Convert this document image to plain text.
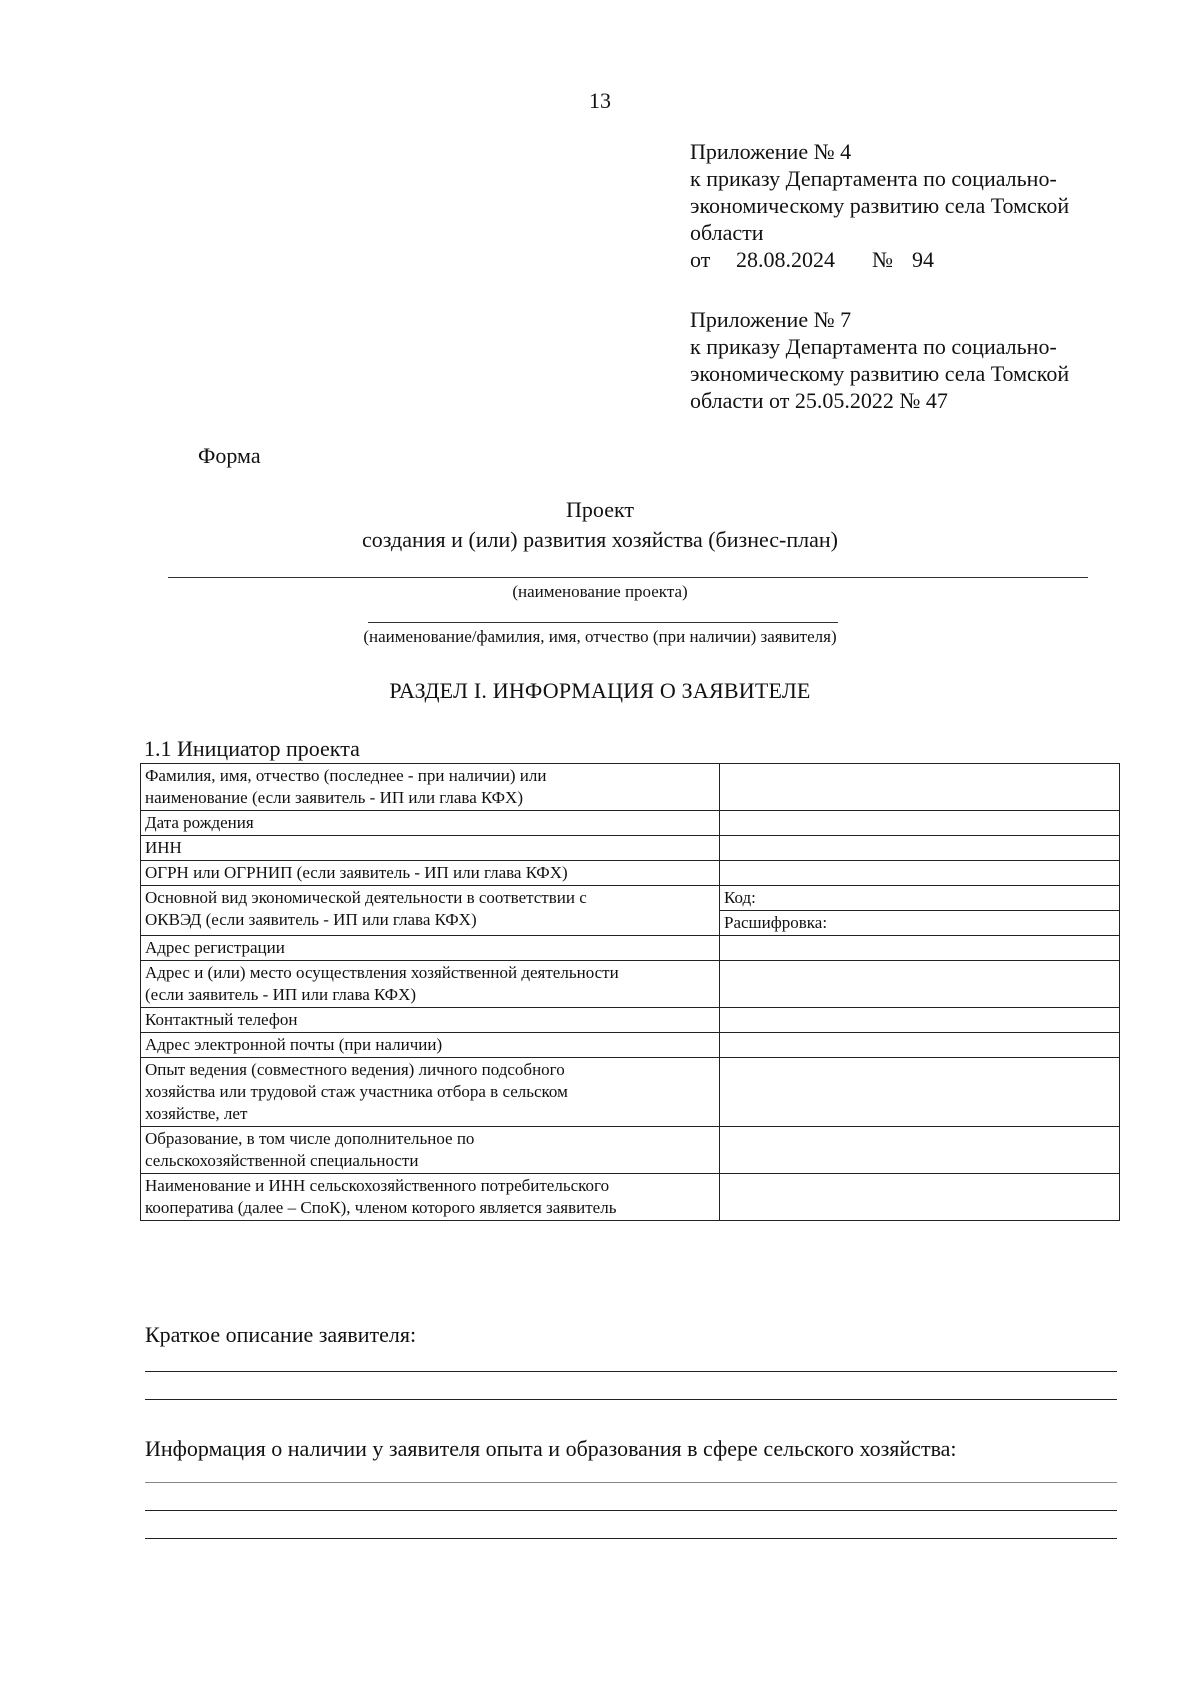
13
Приложение № 4
к приказу Департамента по социально-
экономическому развитию села Томской
области
от 28.08.2024 № 94
Приложение № 7
к приказу Департамента по социально-
экономическому развитию села Томской
области от 25.05.2022 № 47
Форма
Проект
создания и (или) развития хозяйства (бизнес-план)
(наименование проекта)
(наименование/фамилия, имя, отчество (при наличии) заявителя)
РАЗДЕЛ I. ИНФОРМАЦИЯ О ЗАЯВИТЕЛЕ
1.1 Инициатор проекта
Фамилия, имя, отчество (последнее - при наличии) или
наименование (если заявитель - ИП или глава КФХ)	

Дата рождения	

ИНН	

ОГРН или ОГРНИП (если заявитель - ИП или глава КФХ)	

Основной вид экономической деятельности в соответствии с
ОКВЭД (если заявитель - ИП или глава КФХ)	Код:

	Расшифровка:

Адрес регистрации	

Адрес и (или) место осуществления хозяйственной деятельности
(если заявитель - ИП или глава КФХ)	

Контактный телефон	

Адрес электронной почты (при наличии)	

Опыт ведения (совместного ведения) личного подсобного
хозяйства или трудовой стаж участника отбора в сельском
хозяйстве, лет	

Образование, в том числе дополнительное по
сельскохозяйственной специальности	

Наименование и ИНН сельскохозяйственного потребительского
кооператива (далее – СпоК), членом которого является заявитель	

Краткое описание заявителя:
Информация о наличии у заявителя опыта и образования в сфере сельского хозяйства:
